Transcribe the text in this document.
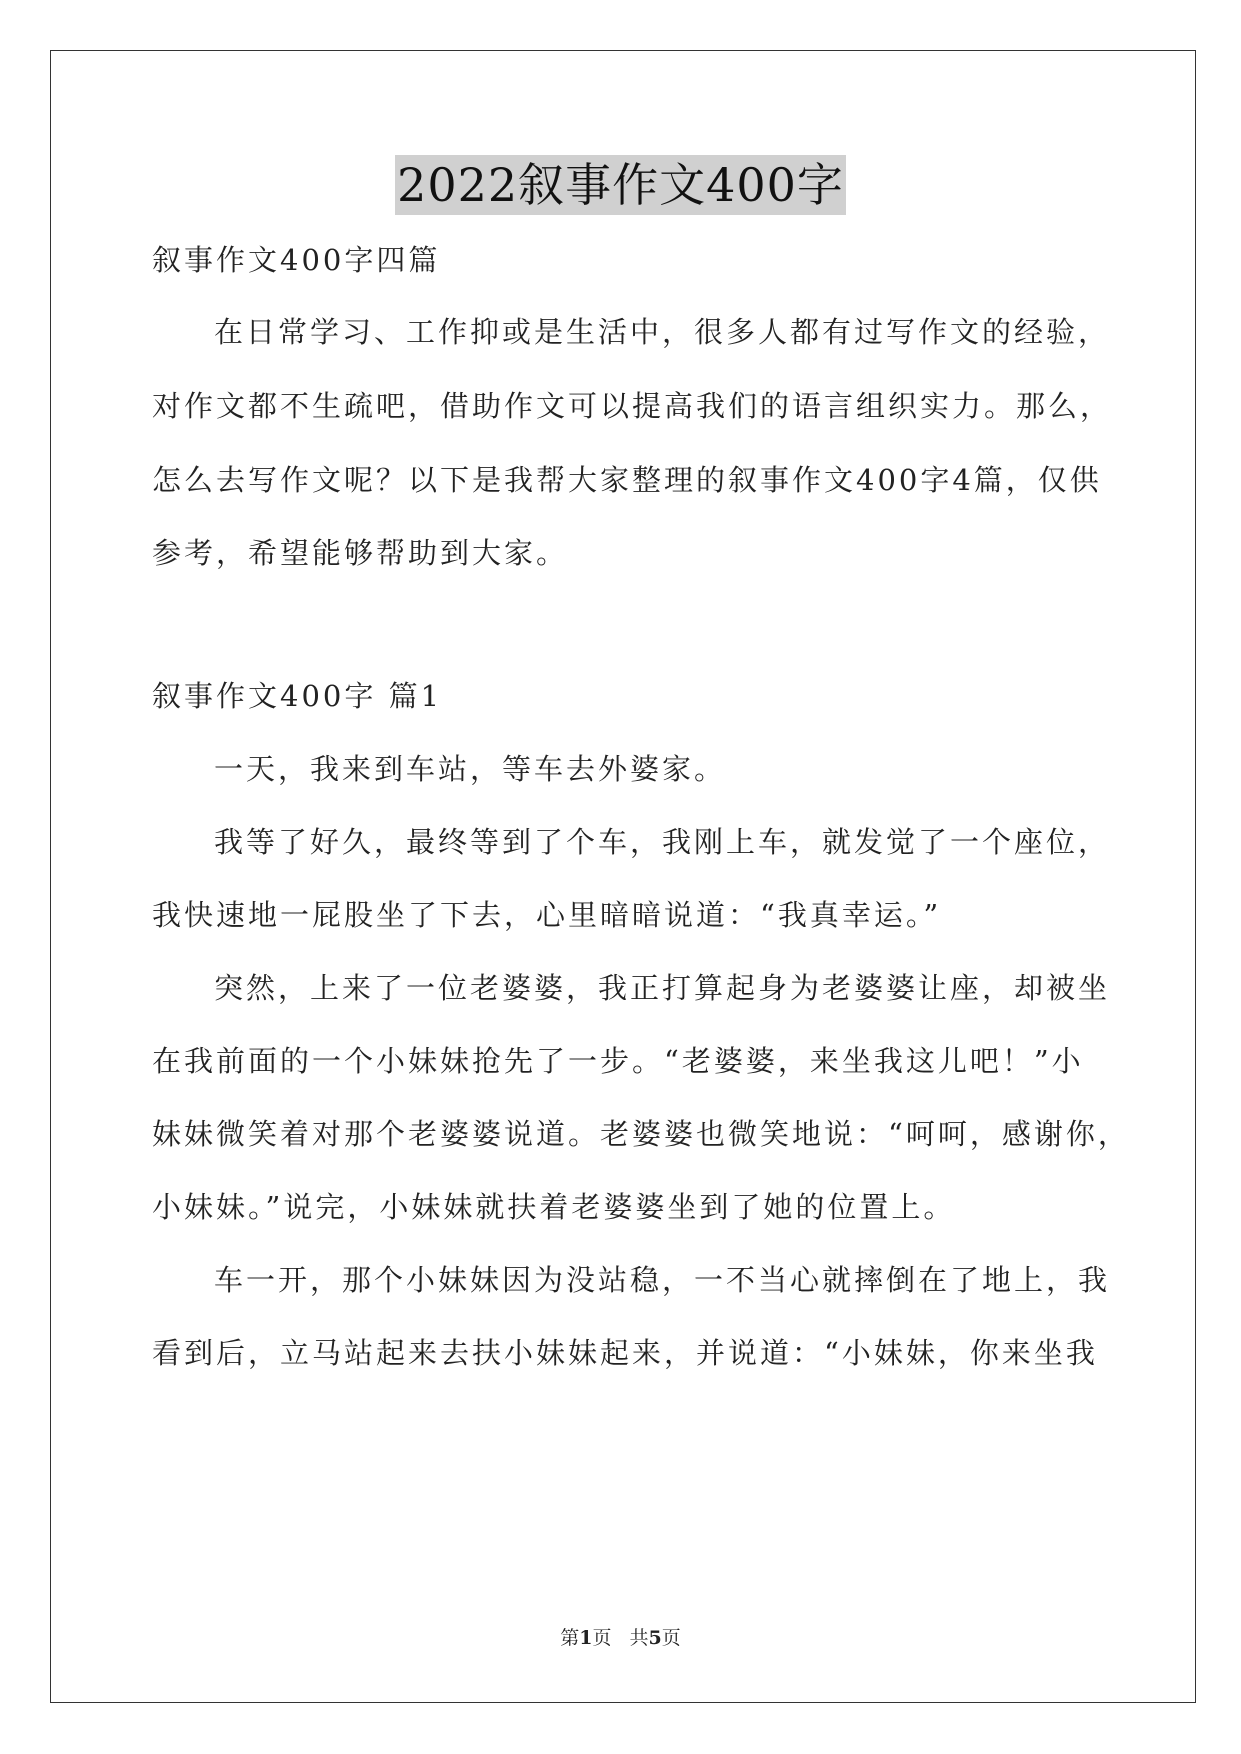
2022叙事作文400字
叙事作文400字四篇
在日常学习、工作抑或是生活中，很多人都有过写作文的经验，
对作文都不生疏吧，借助作文可以提高我们的语言组织实力。那么，
怎么去写作文呢？以下是我帮大家整理的叙事作文400字4篇，仅供
参考，希望能够帮助到大家。
叙事作文400字 篇1
一天，我来到车站，等车去外婆家。
我等了好久，最终等到了个车，我刚上车，就发觉了一个座位，
我快速地一屁股坐了下去，心里暗暗说道：“我真幸运。”
突然，上来了一位老婆婆，我正打算起身为老婆婆让座，却被坐
在我前面的一个小妹妹抢先了一步。“老婆婆，来坐我这儿吧！”小
妹妹微笑着对那个老婆婆说道。老婆婆也微笑地说：“呵呵，感谢你，
小妹妹。”说完，小妹妹就扶着老婆婆坐到了她的位置上。
车一开，那个小妹妹因为没站稳，一不当心就摔倒在了地上，我
看到后，立马站起来去扶小妹妹起来，并说道：“小妹妹，你来坐我
第1页 共5页
